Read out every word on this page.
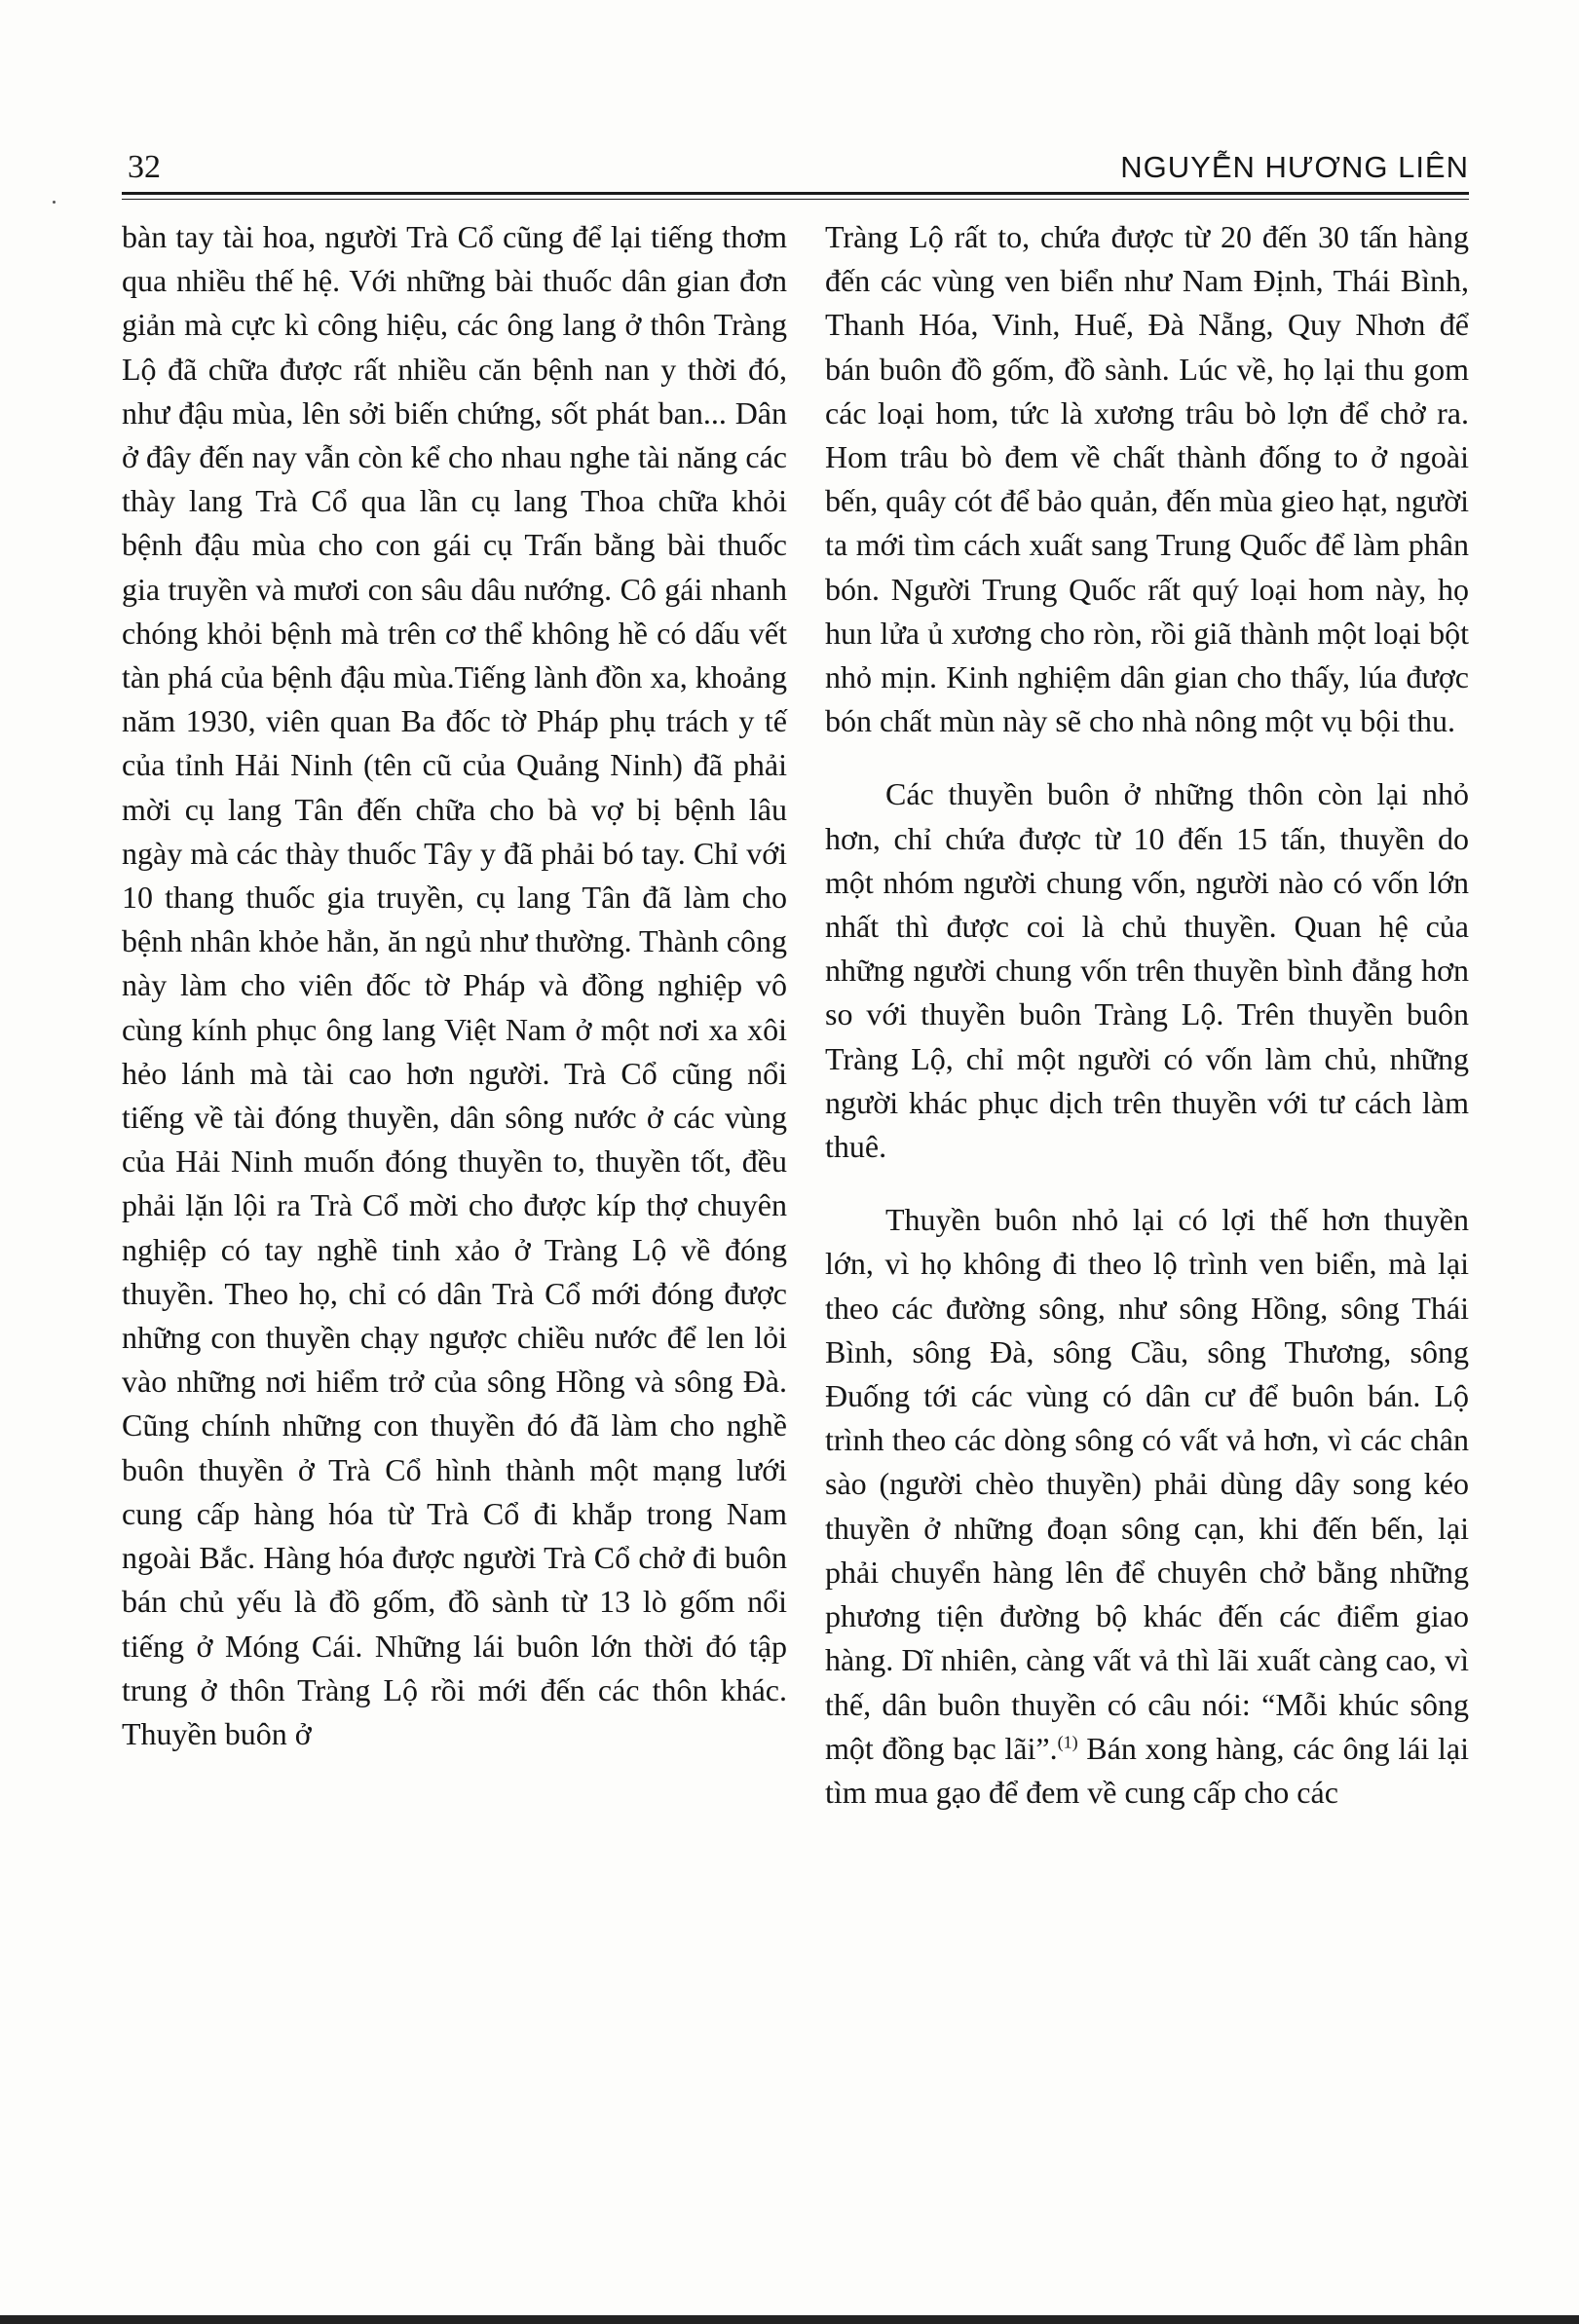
32	NGUYỄN HƯƠNG LIÊN

bàn tay tài hoa, người Trà Cổ cũng để lại tiếng thơm qua nhiều thế hệ. Với những bài thuốc dân gian đơn giản mà cực kì công hiệu, các ông lang ở thôn Tràng Lộ đã chữa được rất nhiều căn bệnh nan y thời đó, như đậu mùa, lên sởi biến chứng, sốt phát ban... Dân ở đây đến nay vẫn còn kể cho nhau nghe tài năng các thày lang Trà Cổ qua lần cụ lang Thoa chữa khỏi bệnh đậu mùa cho con gái cụ Trấn bằng bài thuốc gia truyền và mươi con sâu dâu nướng. Cô gái nhanh chóng khỏi bệnh mà trên cơ thể không hề có dấu vết tàn phá của bệnh đậu mùa.Tiếng lành đồn xa, khoảng năm 1930, viên quan Ba đốc tờ Pháp phụ trách y tế của tỉnh Hải Ninh (tên cũ của Quảng Ninh) đã phải mời cụ lang Tân đến chữa cho bà vợ bị bệnh lâu ngày mà các thày thuốc Tây y đã phải bó tay. Chỉ với 10 thang thuốc gia truyền, cụ lang Tân đã làm cho bệnh nhân khỏe hẳn, ăn ngủ như thường. Thành công này làm cho viên đốc tờ Pháp và đồng nghiệp vô cùng kính phục ông lang Việt Nam ở một nơi xa xôi hẻo lánh mà tài cao hơn người. Trà Cổ cũng nổi tiếng về tài đóng thuyền, dân sông nước ở các vùng của Hải Ninh muốn đóng thuyền to, thuyền tốt, đều phải lặn lội ra Trà Cổ mời cho được kíp thợ chuyên nghiệp có tay nghề tinh xảo ở Tràng Lộ về đóng thuyền. Theo họ, chỉ có dân Trà Cổ mới đóng được những con thuyền chạy ngược chiều nước để len lỏi vào những nơi hiểm trở của sông Hồng và sông Đà. Cũng chính những con thuyền đó đã làm cho nghề buôn thuyền ở Trà Cổ hình thành một mạng lưới cung cấp hàng hóa từ Trà Cổ đi khắp trong Nam ngoài Bắc. Hàng hóa được người Trà Cổ chở đi buôn bán chủ yếu là đồ gốm, đồ sành từ 13 lò gốm nổi tiếng ở Móng Cái. Những lái buôn lớn thời đó tập trung ở thôn Tràng Lộ rồi mới đến các thôn khác. Thuyền buôn ở

Tràng Lộ rất to, chứa được từ 20 đến 30 tấn hàng đến các vùng ven biển như Nam Định, Thái Bình, Thanh Hóa, Vinh, Huế, Đà Nẵng, Quy Nhơn để bán buôn đồ gốm, đồ sành. Lúc về, họ lại thu gom các loại hom, tức là xương trâu bò lợn để chở ra. Hom trâu bò đem về chất thành đống to ở ngoài bến, quây cót để bảo quản, đến mùa gieo hạt, người ta mới tìm cách xuất sang Trung Quốc để làm phân bón. Người Trung Quốc rất quý loại hom này, họ hun lửa ủ xương cho ròn, rồi giã thành một loại bột nhỏ mịn. Kinh nghiệm dân gian cho thấy, lúa được bón chất mùn này sẽ cho nhà nông một vụ bội thu.

Các thuyền buôn ở những thôn còn lại nhỏ hơn, chỉ chứa được từ 10 đến 15 tấn, thuyền do một nhóm người chung vốn, người nào có vốn lớn nhất thì được coi là chủ thuyền. Quan hệ của những người chung vốn trên thuyền bình đẳng hơn so với thuyền buôn Tràng Lộ. Trên thuyền buôn Tràng Lộ, chỉ một người có vốn làm chủ, những người khác phục dịch trên thuyền với tư cách làm thuê.

Thuyền buôn nhỏ lại có lợi thế hơn thuyền lớn, vì họ không đi theo lộ trình ven biển, mà lại theo các đường sông, như sông Hồng, sông Thái Bình, sông Đà, sông Cầu, sông Thương, sông Đuống tới các vùng có dân cư để buôn bán. Lộ trình theo các dòng sông có vất vả hơn, vì các chân sào (người chèo thuyền) phải dùng dây song kéo thuyền ở những đoạn sông cạn, khi đến bến, lại phải chuyển hàng lên để chuyên chở bằng những phương tiện đường bộ khác đến các điểm giao hàng. Dĩ nhiên, càng vất vả thì lãi xuất càng cao, vì thế, dân buôn thuyền có câu nói: “Mỗi khúc sông một đồng bạc lãi”.$^{(1)}$ Bán xong hàng, các ông lái lại tìm mua gạo để đem về cung cấp cho các
